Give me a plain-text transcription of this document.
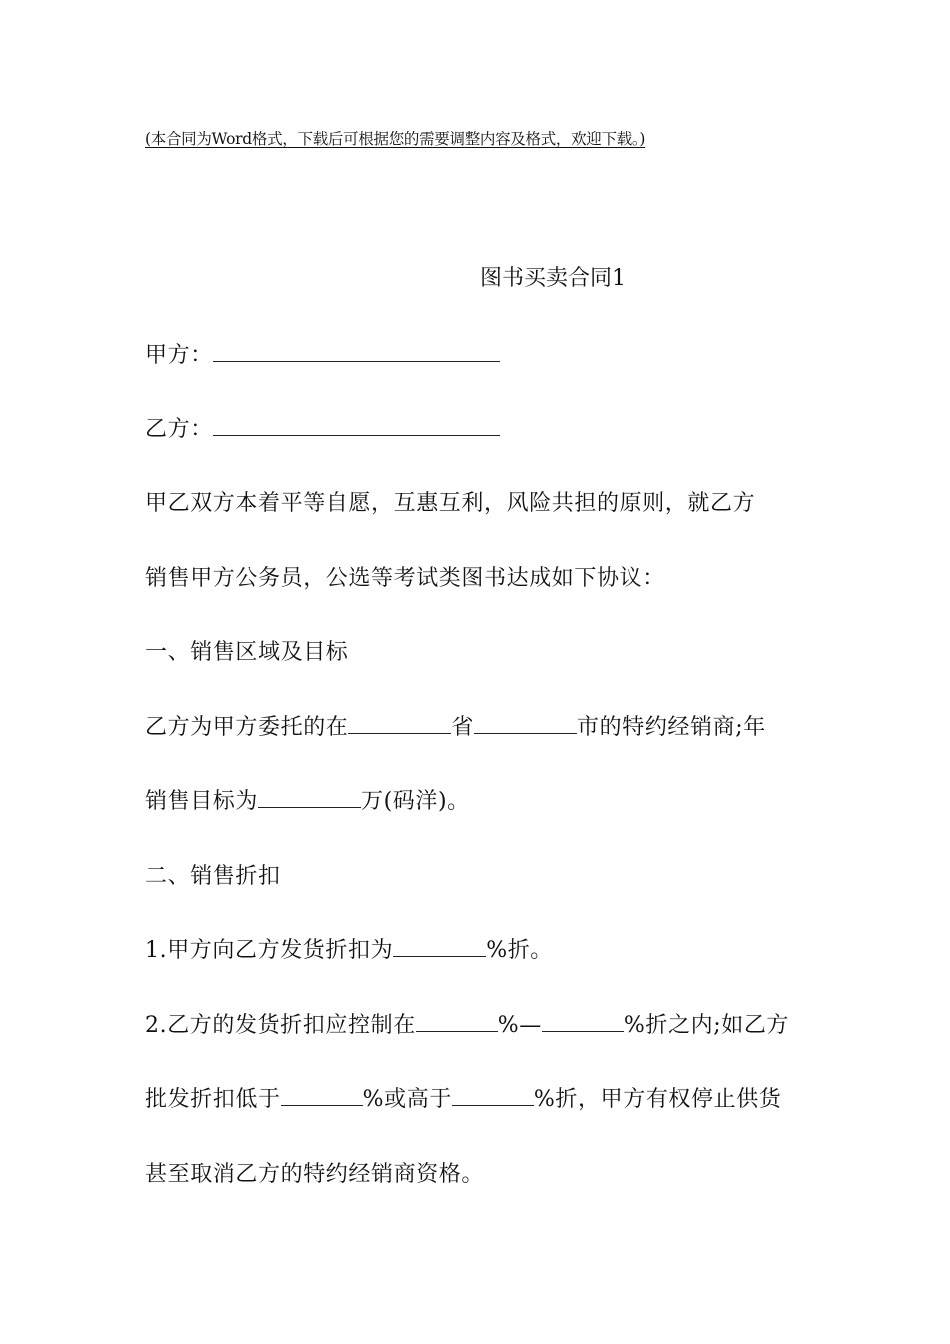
(本合同为Word格式，下载后可根据您的需要调整内容及格式，欢迎下载。)
图书买卖合同1
甲方：
乙方：
甲乙双方本着平等自愿，互惠互利，风险共担的原则，就乙方
销售甲方公务员，公选等考试类图书达成如下协议：
一、销售区域及目标
乙方为甲方委托的在	省	市的特约经销商;年
销售目标为	万(码洋)。
二、销售折扣
1.甲方向乙方发货折扣为	%折。
2.乙方的发货折扣应控制在	%—	%折之内;如乙方
批发折扣低于	%或高于	%折，甲方有权停止供货
甚至取消乙方的特约经销商资格。
